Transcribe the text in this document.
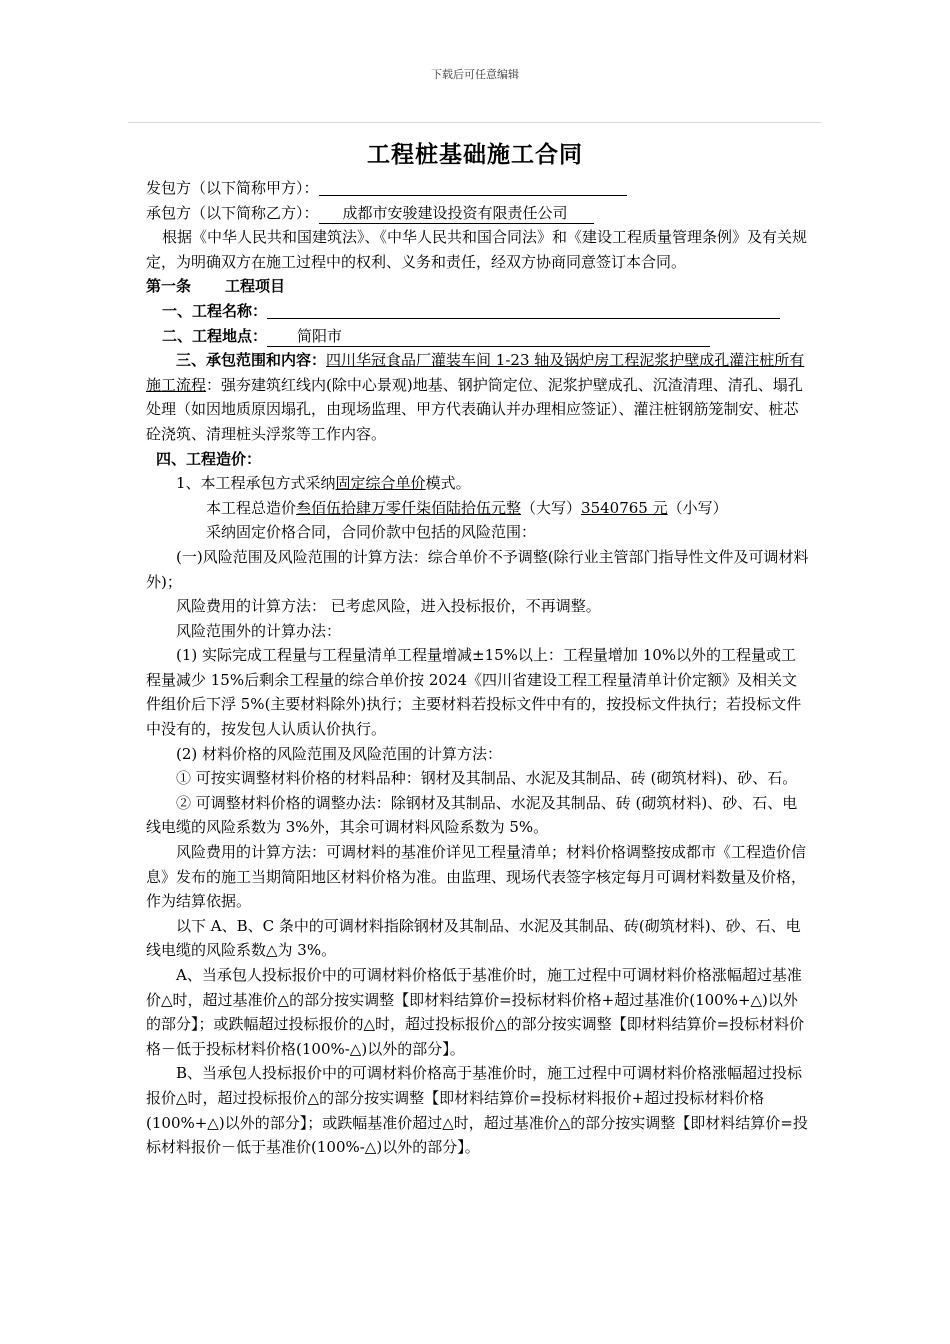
下载后可任意编辑
工程桩基础施工合同

发包方（以下简称甲方）：

承包方（以下简称乙方）： 成都市安骏建设投资有限责任公司

根据《中华人民共和国建筑法》、《中华人民共和国合同法》和《建设工程质量管理条例》及有关规定，为明确双方在施工过程中的权利、义务和责任，经双方协商同意签订本合同。

第一条 工程项目

一、工程名称：

二、工程地点： 简阳市

三、承包范围和内容：四川华冠食品厂灌装车间 1-23 轴及锅炉房工程泥浆护壁成孔灌注桩所有施工流程：强夯建筑红线内(除中心景观)地基、钢护筒定位、泥浆护壁成孔、沉渣清理、清孔、塌孔处理（如因地质原因塌孔，由现场监理、甲方代表确认并办理相应签证）、灌注桩钢筋笼制安、桩芯砼浇筑、清理桩头浮浆等工作内容。

四、工程造价：

1、本工程承包方式采纳固定综合单价模式。

本工程总造价叁佰伍拾肆万零仟柒佰陆拾伍元整（大写）3540765 元（小写）

采纳固定价格合同，合同价款中包括的风险范围：

(一)风险范围及风险范围的计算方法：综合单价不予调整(除行业主管部门指导性文件及可调材料外)；

风险费用的计算方法： 已考虑风险，进入投标报价，不再调整。

风险范围外的计算办法：

(1) 实际完成工程量与工程量清单工程量增减±15%以上：工程量增加 10%以外的工程量或工程量减少 15%后剩余工程量的综合单价按 2024《四川省建设工程工程量清单计价定额》及相关文件组价后下浮 5%(主要材料除外)执行；主要材料若投标文件中有的，按投标文件执行；若投标文件中没有的，按发包人认质认价执行。

(2) 材料价格的风险范围及风险范围的计算方法：

① 可按实调整材料价格的材料品种：钢材及其制品、水泥及其制品、砖 (砌筑材料)、砂、石。

② 可调整材料价格的调整办法：除钢材及其制品、水泥及其制品、砖 (砌筑材料)、砂、石、电线电缆的风险系数为 3%外，其余可调材料风险系数为 5%。

风险费用的计算方法：可调材料的基准价详见工程量清单；材料价格调整按成都市《工程造价信息》发布的施工当期简阳地区材料价格为准。由监理、现场代表签字核定每月可调材料数量及价格，作为结算依据。

以下 A、B、C 条中的可调材料指除钢材及其制品、水泥及其制品、砖(砌筑材料)、砂、石、电线电缆的风险系数△为 3%。

A、当承包人投标报价中的可调材料价格低于基准价时，施工过程中可调材料价格涨幅超过基准价△时，超过基准价△的部分按实调整【即材料结算价=投标材料价格+超过基准价(100%+△)以外的部分】；或跌幅超过投标报价的△时，超过投标报价△的部分按实调整【即材料结算价=投标材料价格－低于投标材料价格(100%-△)以外的部分】。

B、当承包人投标报价中的可调材料价格高于基准价时，施工过程中可调材料价格涨幅超过投标报价△时，超过投标报价△的部分按实调整【即材料结算价=投标材料报价+超过投标材料价格(100%+△)以外的部分】；或跌幅基准价超过△时，超过基准价△的部分按实调整【即材料结算价=投标材料报价－低于基准价(100%-△)以外的部分】。
